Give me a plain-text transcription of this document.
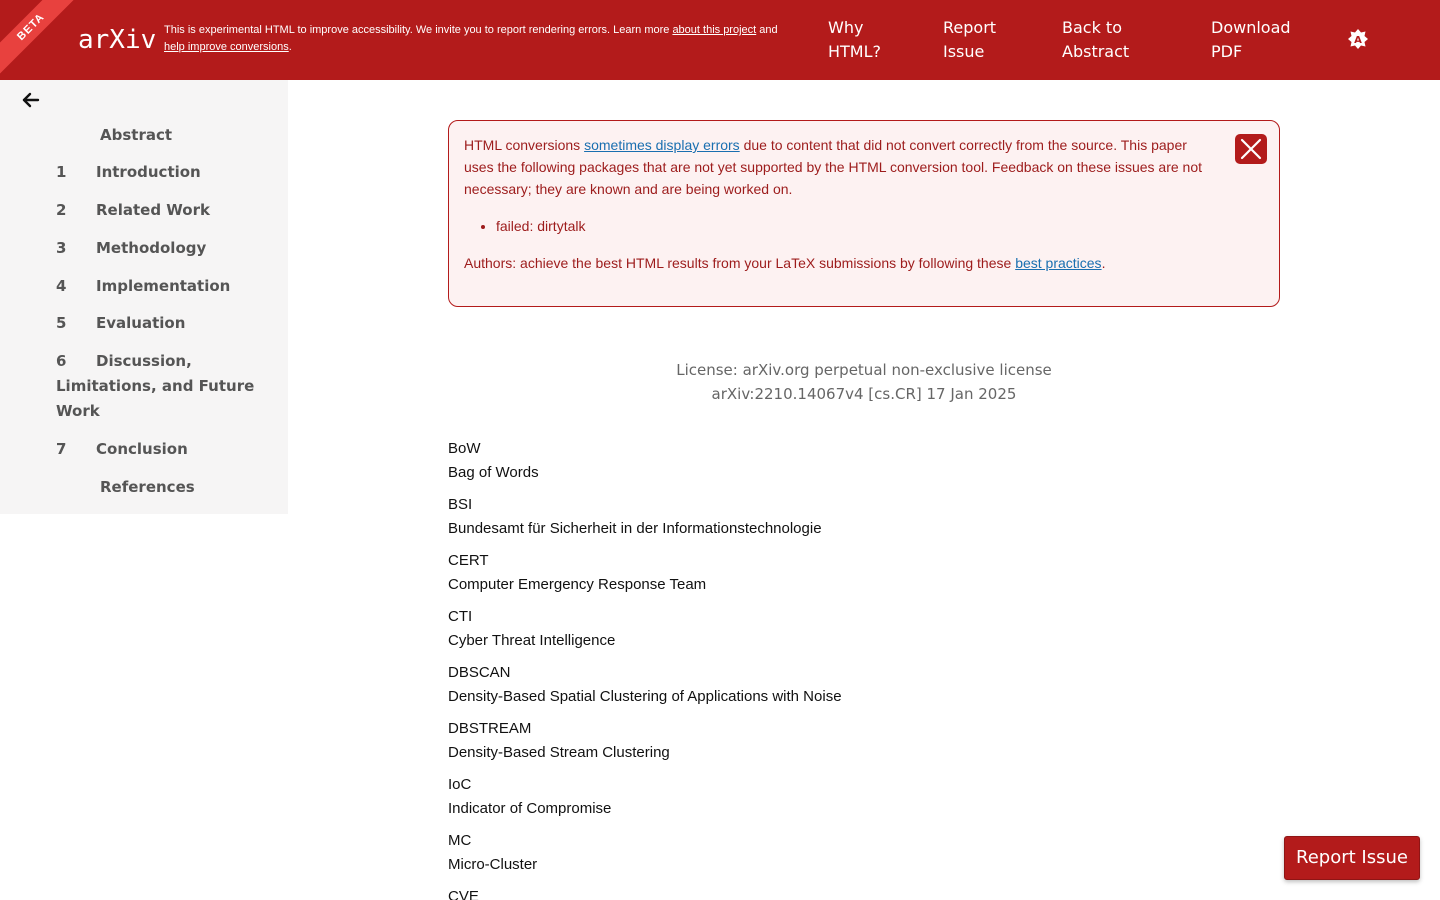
BETA	arXiv This is experimental HTML to improve accessibility. We invite you to report rendering errors. Learn more about this project and
help improve conversions.
Why
HTML?
Report
Issue
Back to
Abstract
Download
PDF
A
Abstract
1 Introduction
2 Related Work
3 Methodology
4 Implementation
5 Evaluation
6 Discussion,
Limitations, and Future
Work
7 Conclusion
References

HTML conversions sometimes display errors due to content that did not convert correctly from the source. This paper uses the following packages that are not yet supported by the HTML conversion tool. Feedback on these issues are not necessary; they are known and are being worked on.

• failed: dirtytalk

Authors: achieve the best HTML results from your LaTeX submissions by following these best practices.

License: arXiv.org perpetual non-exclusive license
arXiv:2210.14067v4 [cs.CR] 17 Jan 2025
BoW
Bag of Words
BSI
Bundesamt für Sicherheit in der Informationstechnologie
CERT
Computer Emergency Response Team
CTI
Cyber Threat Intelligence
DBSCAN
Density-Based Spatial Clustering of Applications with Noise
DBSTREAM
Density-Based Stream Clustering
IoC
Indicator of Compromise
MC
Micro-Cluster
CVE
Report Issue
